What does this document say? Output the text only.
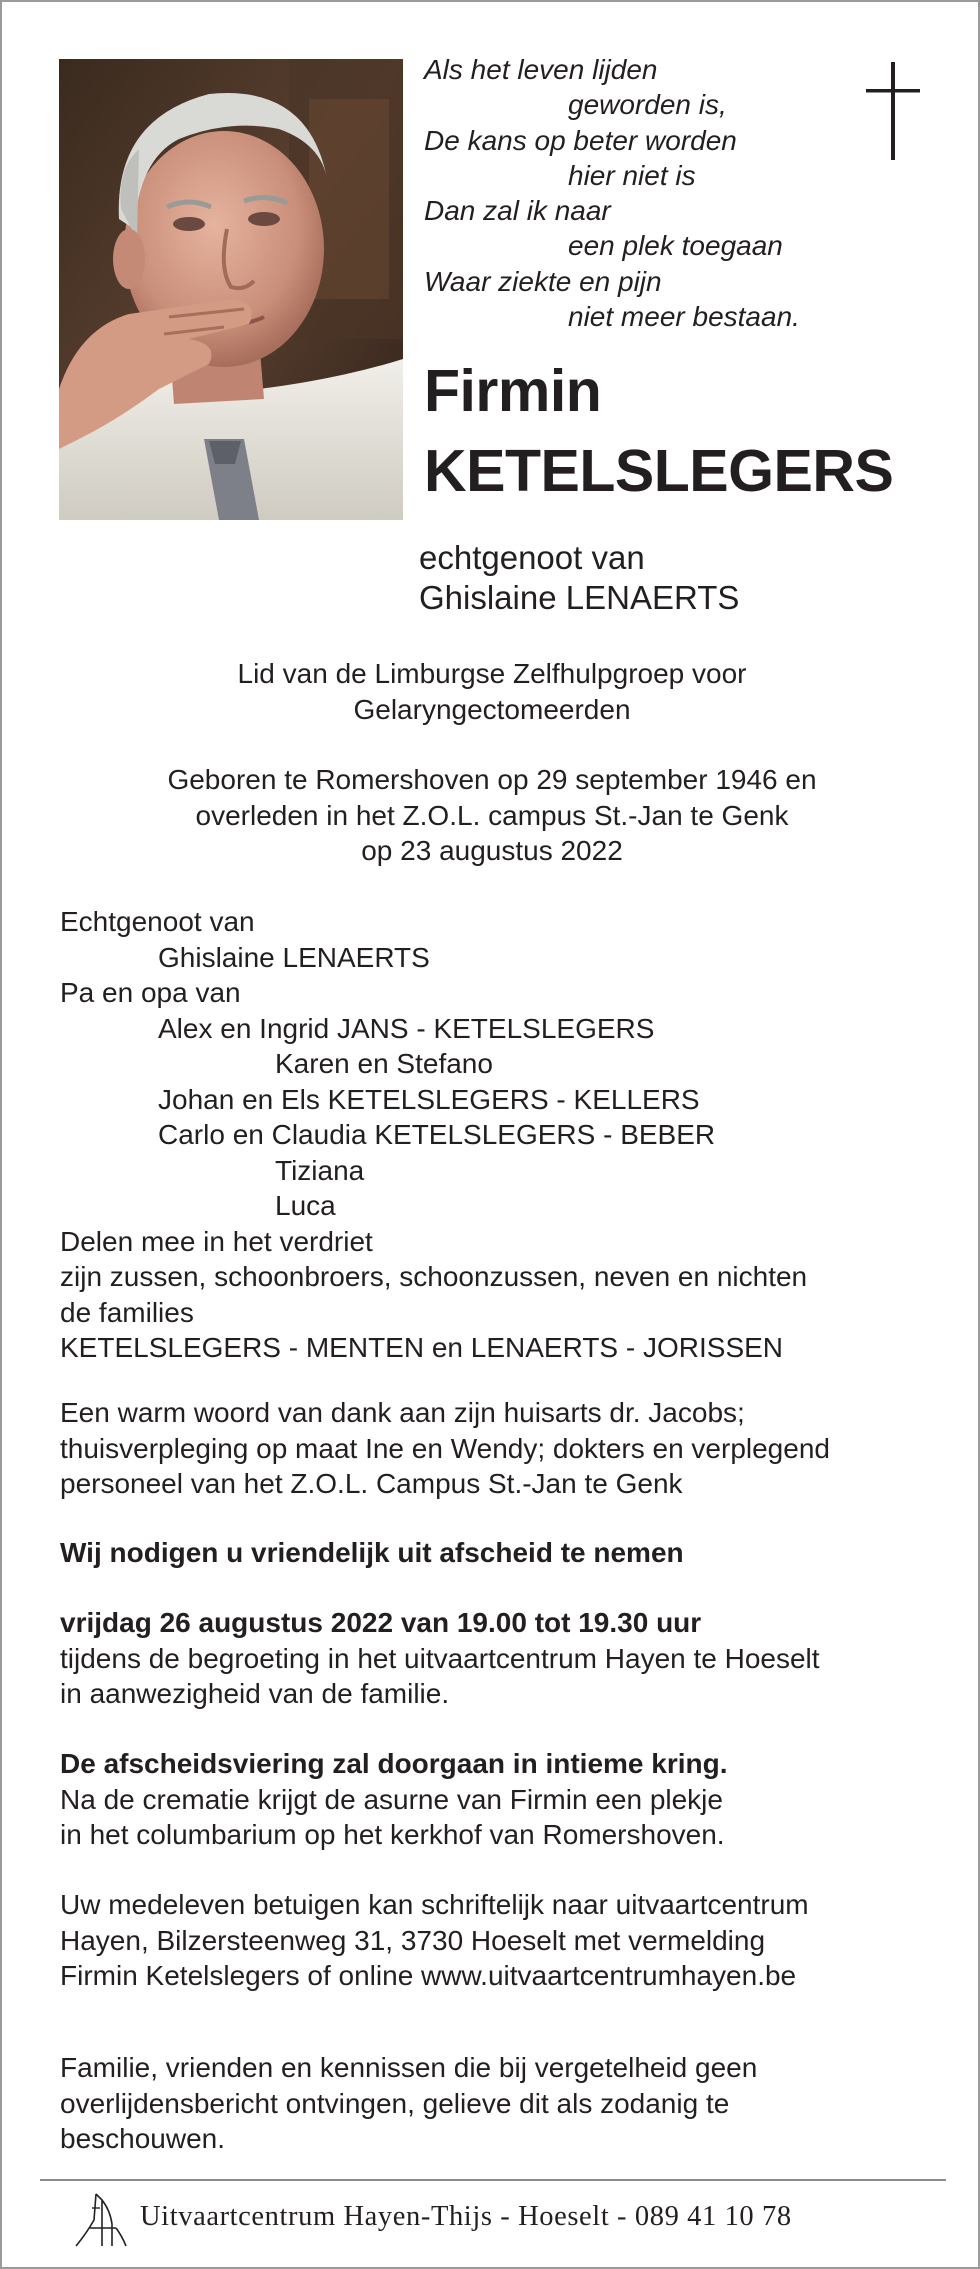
Als het leven lijden
geworden is,
De kans op beter worden
hier niet is
Dan zal ik naar
een plek toegaan
Waar ziekte en pijn
niet meer bestaan.
Firmin
KETELSLEGERS
echtgenoot van
Ghislaine LENAERTS
Lid van de Limburgse Zelfhulpgroep voor
Gelaryngectomeerden
Geboren te Romershoven op 29 september 1946 en
overleden in het Z.O.L. campus St.-Jan te Genk
op 23 augustus 2022
Echtgenoot van
Ghislaine LENAERTS
Pa en opa van
Alex en Ingrid JANS - KETELSLEGERS
Karen en Stefano
Johan en Els KETELSLEGERS - KELLERS
Carlo en Claudia KETELSLEGERS - BEBER
Tiziana
Luca
Delen mee in het verdriet
zijn zussen, schoonbroers, schoonzussen, neven en nichten
de families
KETELSLEGERS - MENTEN en LENAERTS - JORISSEN
Een warm woord van dank aan zijn huisarts dr. Jacobs;
thuisverpleging op maat Ine en Wendy; dokters en verplegend
personeel van het Z.O.L. Campus St.-Jan te Genk
Wij nodigen u vriendelijk uit afscheid te nemen
vrijdag 26 augustus 2022 van 19.00 tot 19.30 uur
tijdens de begroeting in het uitvaartcentrum Hayen te Hoeselt
in aanwezigheid van de familie.
De afscheidsviering zal doorgaan in intieme kring.
Na de crematie krijgt de asurne van Firmin een plekje
in het columbarium op het kerkhof van Romershoven.
Uw medeleven betuigen kan schriftelijk naar uitvaartcentrum
Hayen, Bilzersteenweg 31, 3730 Hoeselt met vermelding
Firmin Ketelslegers of online www.uitvaartcentrumhayen.be
Familie, vrienden en kennissen die bij vergetelheid geen
overlijdensbericht ontvingen, gelieve dit als zodanig te
beschouwen.
Uitvaartcentrum Hayen-Thijs - Hoeselt - 089 41 10 78
